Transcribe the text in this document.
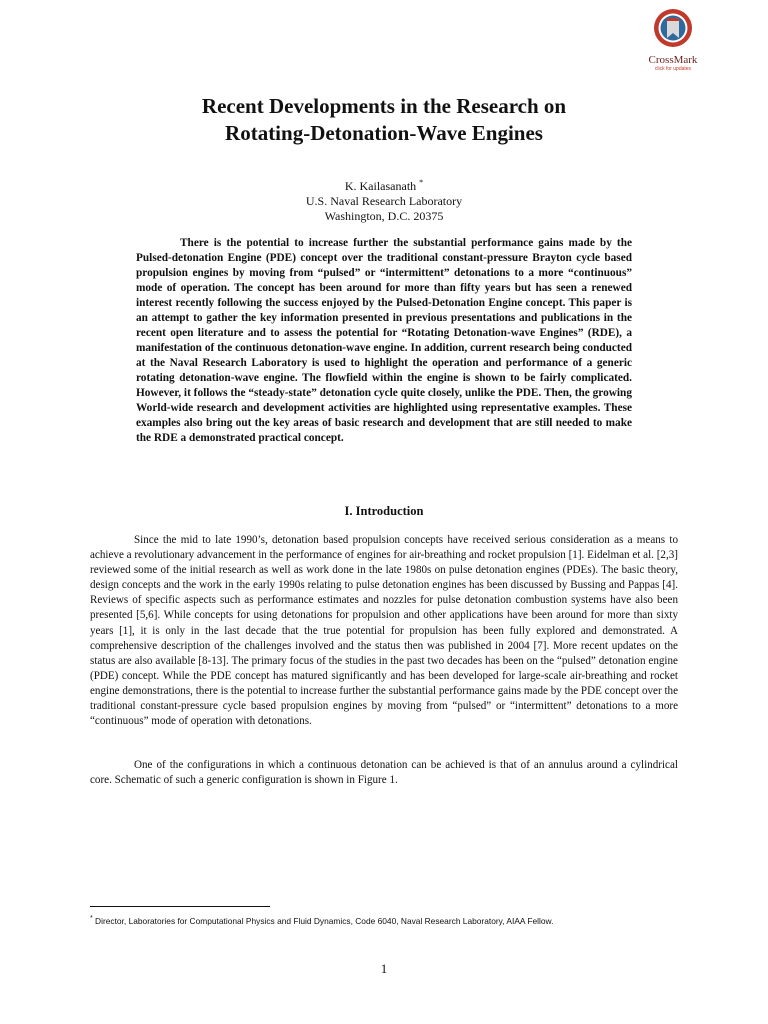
CrossMark
click for updates
Recent Developments in the Research on
Rotating-Detonation-Wave Engines
K. Kailasanath *
U.S. Naval Research Laboratory
Washington, D.C. 20375

There is the potential to increase further the substantial performance gains made by the Pulsed-detonation Engine (PDE) concept over the traditional constant-pressure Brayton cycle based propulsion engines by moving from “pulsed” or “intermittent” detonations to a more “continuous” mode of operation. The concept has been around for more than fifty years but has seen a renewed interest recently following the success enjoyed by the Pulsed-Detonation Engine concept. This paper is an attempt to gather the key information presented in previous presentations and publications in the recent open literature and to assess the potential for “Rotating Detonation-wave Engines” (RDE), a manifestation of the continuous detonation-wave engine. In addition, current research being conducted at the Naval Research Laboratory is used to highlight the operation and performance of a generic rotating detonation-wave engine. The flowfield within the engine is shown to be fairly complicated. However, it follows the “steady-state” detonation cycle quite closely, unlike the PDE. Then, the growing World-wide research and development activities are highlighted using representative examples. These examples also bring out the key areas of basic research and development that are still needed to make the RDE a demonstrated practical concept.

I. Introduction

Since the mid to late 1990’s, detonation based propulsion concepts have received serious consideration as a means to achieve a revolutionary advancement in the performance of engines for air-breathing and rocket propulsion [1]. Eidelman et al. [2,3] reviewed some of the initial research as well as work done in the late 1980s on pulse detonation engines (PDEs). The basic theory, design concepts and the work in the early 1990s relating to pulse detonation engines has been discussed by Bussing and Pappas [4]. Reviews of specific aspects such as performance estimates and nozzles for pulse detonation combustion systems have also been presented [5,6]. While concepts for using detonations for propulsion and other applications have been around for more than sixty years [1], it is only in the last decade that the true potential for propulsion has been fully explored and demonstrated. A comprehensive description of the challenges involved and the status then was published in 2004 [7]. More recent updates on the status are also available [8-13]. The primary focus of the studies in the past two decades has been on the “pulsed” detonation engine (PDE) concept. While the PDE concept has matured significantly and has been developed for large-scale air-breathing and rocket engine demonstrations, there is the potential to increase further the substantial performance gains made by the PDE concept over the traditional constant-pressure cycle based propulsion engines by moving from “pulsed” or “intermittent” detonations to a more “continuous” mode of operation with detonations.

One of the configurations in which a continuous detonation can be achieved is that of an annulus around a cylindrical core. Schematic of such a generic configuration is shown in Figure 1.

* Director, Laboratories for Computational Physics and Fluid Dynamics, Code 6040, Naval Research Laboratory, AIAA Fellow.
1
